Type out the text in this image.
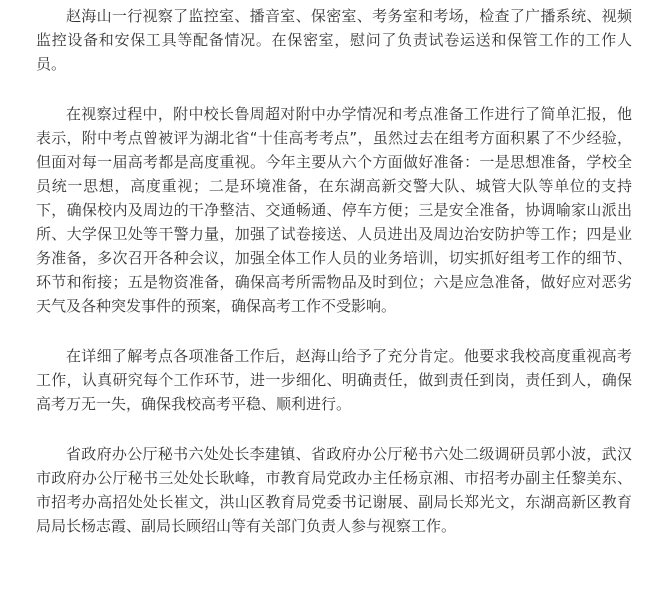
赵海山一行视察了监控室、播音室、保密室、考务室和考场，检查了广播系统、视频监控设备和安保工具等配备情况。在保密室，慰问了负责试卷运送和保管工作的工作人员。

在视察过程中，附中校长鲁周超对附中办学情况和考点准备工作进行了简单汇报，他表示，附中考点曾被评为湖北省“十佳高考考点”，虽然过去在组考方面积累了不少经验，但面对每一届高考都是高度重视。今年主要从六个方面做好准备：一是思想准备，学校全员统一思想，高度重视；二是环境准备，在东湖高新交警大队、城管大队等单位的支持下，确保校内及周边的干净整洁、交通畅通、停车方便；三是安全准备，协调喻家山派出所、大学保卫处等干警力量，加强了试卷接送、人员进出及周边治安防护等工作；四是业务准备，多次召开各种会议，加强全体工作人员的业务培训，切实抓好组考工作的细节、环节和衔接；五是物资准备，确保高考所需物品及时到位；六是应急准备，做好应对恶劣天气及各种突发事件的预案，确保高考工作不受影响。

在详细了解考点各项准备工作后，赵海山给予了充分肯定。他要求我校高度重视高考工作，认真研究每个工作环节，进一步细化、明确责任，做到责任到岗，责任到人，确保高考万无一失，确保我校高考平稳、顺利进行。

省政府办公厅秘书六处处长李建镇、省政府办公厅秘书六处二级调研员郭小波，武汉市政府办公厅秘书三处处长耿峰，市教育局党政办主任杨京湘、市招考办副主任黎美东、市招考办高招处处长崔文，洪山区教育局党委书记谢展、副局长郑光文，东湖高新区教育局局长杨志霞、副局长顾绍山等有关部门负责人参与视察工作。
